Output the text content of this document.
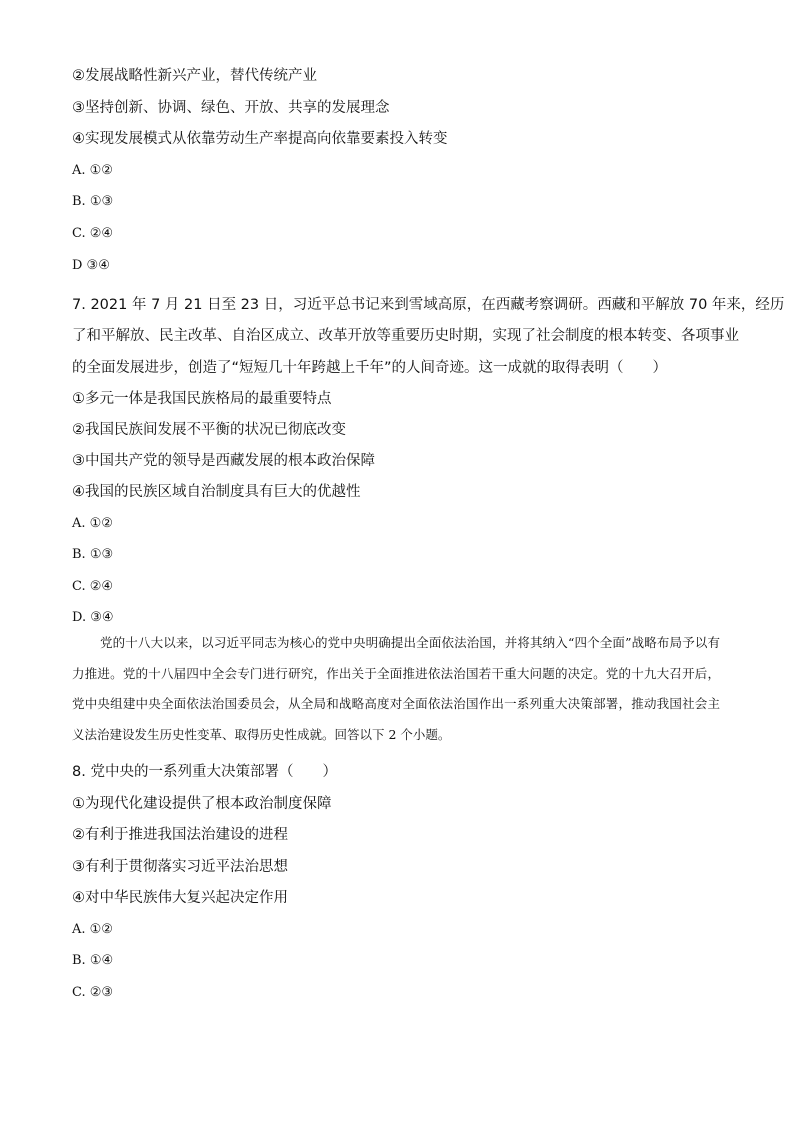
②发展战略性新兴产业，替代传统产业
③坚持创新、协调、绿色、开放、共享的发展理念
④实现发展模式从依靠劳动生产率提高向依靠要素投入转变
A. ①②
B. ①③
C. ②④
D ③④
7. 2021 年 7 月 21 日至 23 日，习近平总书记来到雪域高原，在西藏考察调研。西藏和平解放 70 年来，经历
了和平解放、民主改革、自治区成立、改革开放等重要历史时期，实现了社会制度的根本转变、各项事业
的全面发展进步，创造了“短短几十年跨越上千年”的人间奇迹。这一成就的取得表明（　　）
①多元一体是我国民族格局的最重要特点
②我国民族间发展不平衡的状况已彻底改变
③中国共产党的领导是西藏发展的根本政治保障
④我国的民族区域自治制度具有巨大的优越性
A. ①②
B. ①③
C. ②④
D. ③④
党的十八大以来，以习近平同志为核心的党中央明确提出全面依法治国，并将其纳入“四个全面”战略布局予以有力推进。党的十八届四中全会专门进行研究，作出关于全面推进依法治国若干重大问题的决定。党的十九大召开后，党中央组建中央全面依法治国委员会，从全局和战略高度对全面依法治国作出一系列重大决策部署，推动我国社会主义法治建设发生历史性变革、取得历史性成就。回答以下 2 个小题。
8. 党中央的一系列重大决策部署（　　）
①为现代化建设提供了根本政治制度保障
②有利于推进我国法治建设的进程
③有利于贯彻落实习近平法治思想
④对中华民族伟大复兴起决定作用
A. ①②
B. ①④
C. ②③
